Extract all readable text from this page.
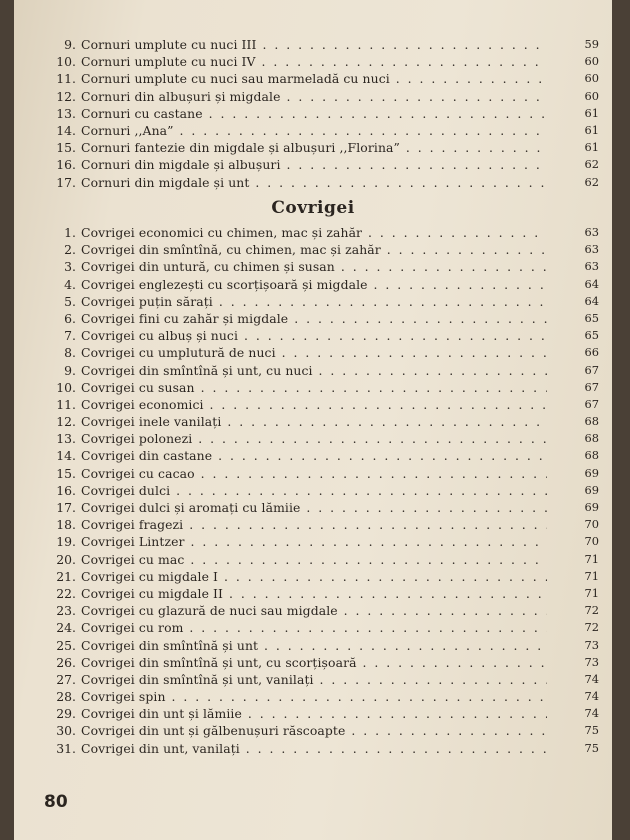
9. Cornuri umplute cu nuci III . . .	59
10. Cornuri umplute cu nuci IV . . .	60
11. Cornuri umplute cu nuci sau marmeladă cu nuci . . .	60
12. Cornuri din albușuri și migdale . . .	60
13. Cornuri cu castane . . .	61
14. Cornuri ,,Ana” . . .	61
15. Cornuri fantezie din migdale și albușuri ,,Florina” . . .	61
16. Cornuri din migdale și albușuri . . .	62
17. Cornuri din migdale și unt . . .	62
Covrigei
1. Covrigei economici cu chimen, mac și zahăr . . .	63
2. Covrigei din smîntînă, cu chimen, mac și zahăr . . .	63
3. Covrigei din untură, cu chimen și susan . . .	63
4. Covrigei englezești cu scorțișoară și migdale . . .	64
5. Covrigei puțin sărați . . .	64
6. Covrigei fini cu zahăr și migdale . . .	65
7. Covrigei cu albuș și nuci . . .	65
8. Covrigei cu umplutură de nuci . . .	66
9. Covrigei din smîntînă și unt, cu nuci . . .	67
10. Covrigei cu susan . . .	67
11. Covrigei economici . . .	67
12. Covrigei inele vanilați . . .	68
13. Covrigei polonezi . . .	68
14. Covrigei din castane . . .	68
15. Covrigei cu cacao . . .	69
16. Covrigei dulci . . .	69
17. Covrigei dulci și aromați cu lămiie . . .	69
18. Covrigei fragezi . . .	70
19. Covrigei Lintzer . . .	70
20. Covrigei cu mac . . .	71
21. Covrigei cu migdale I . . .	71
22. Covrigei cu migdale II . . .	71
23. Covrigei cu glazură de nuci sau migdale . . .	72
24. Covrigei cu rom . . .	72
25. Covrigei din smîntînă și unt . . .	73
26. Covrigei din smîntînă și unt, cu scorțișoară . . .	73
27. Covrigei din smîntînă și unt, vanilați . . .	74
28. Covrigei spin . . .	74
29. Covrigei din unt și lămiie . . .	74
30. Covrigei din unt și gălbenușuri răscoapte . . .	75
31. Covrigei din unt, vanilați . . .	75
80
